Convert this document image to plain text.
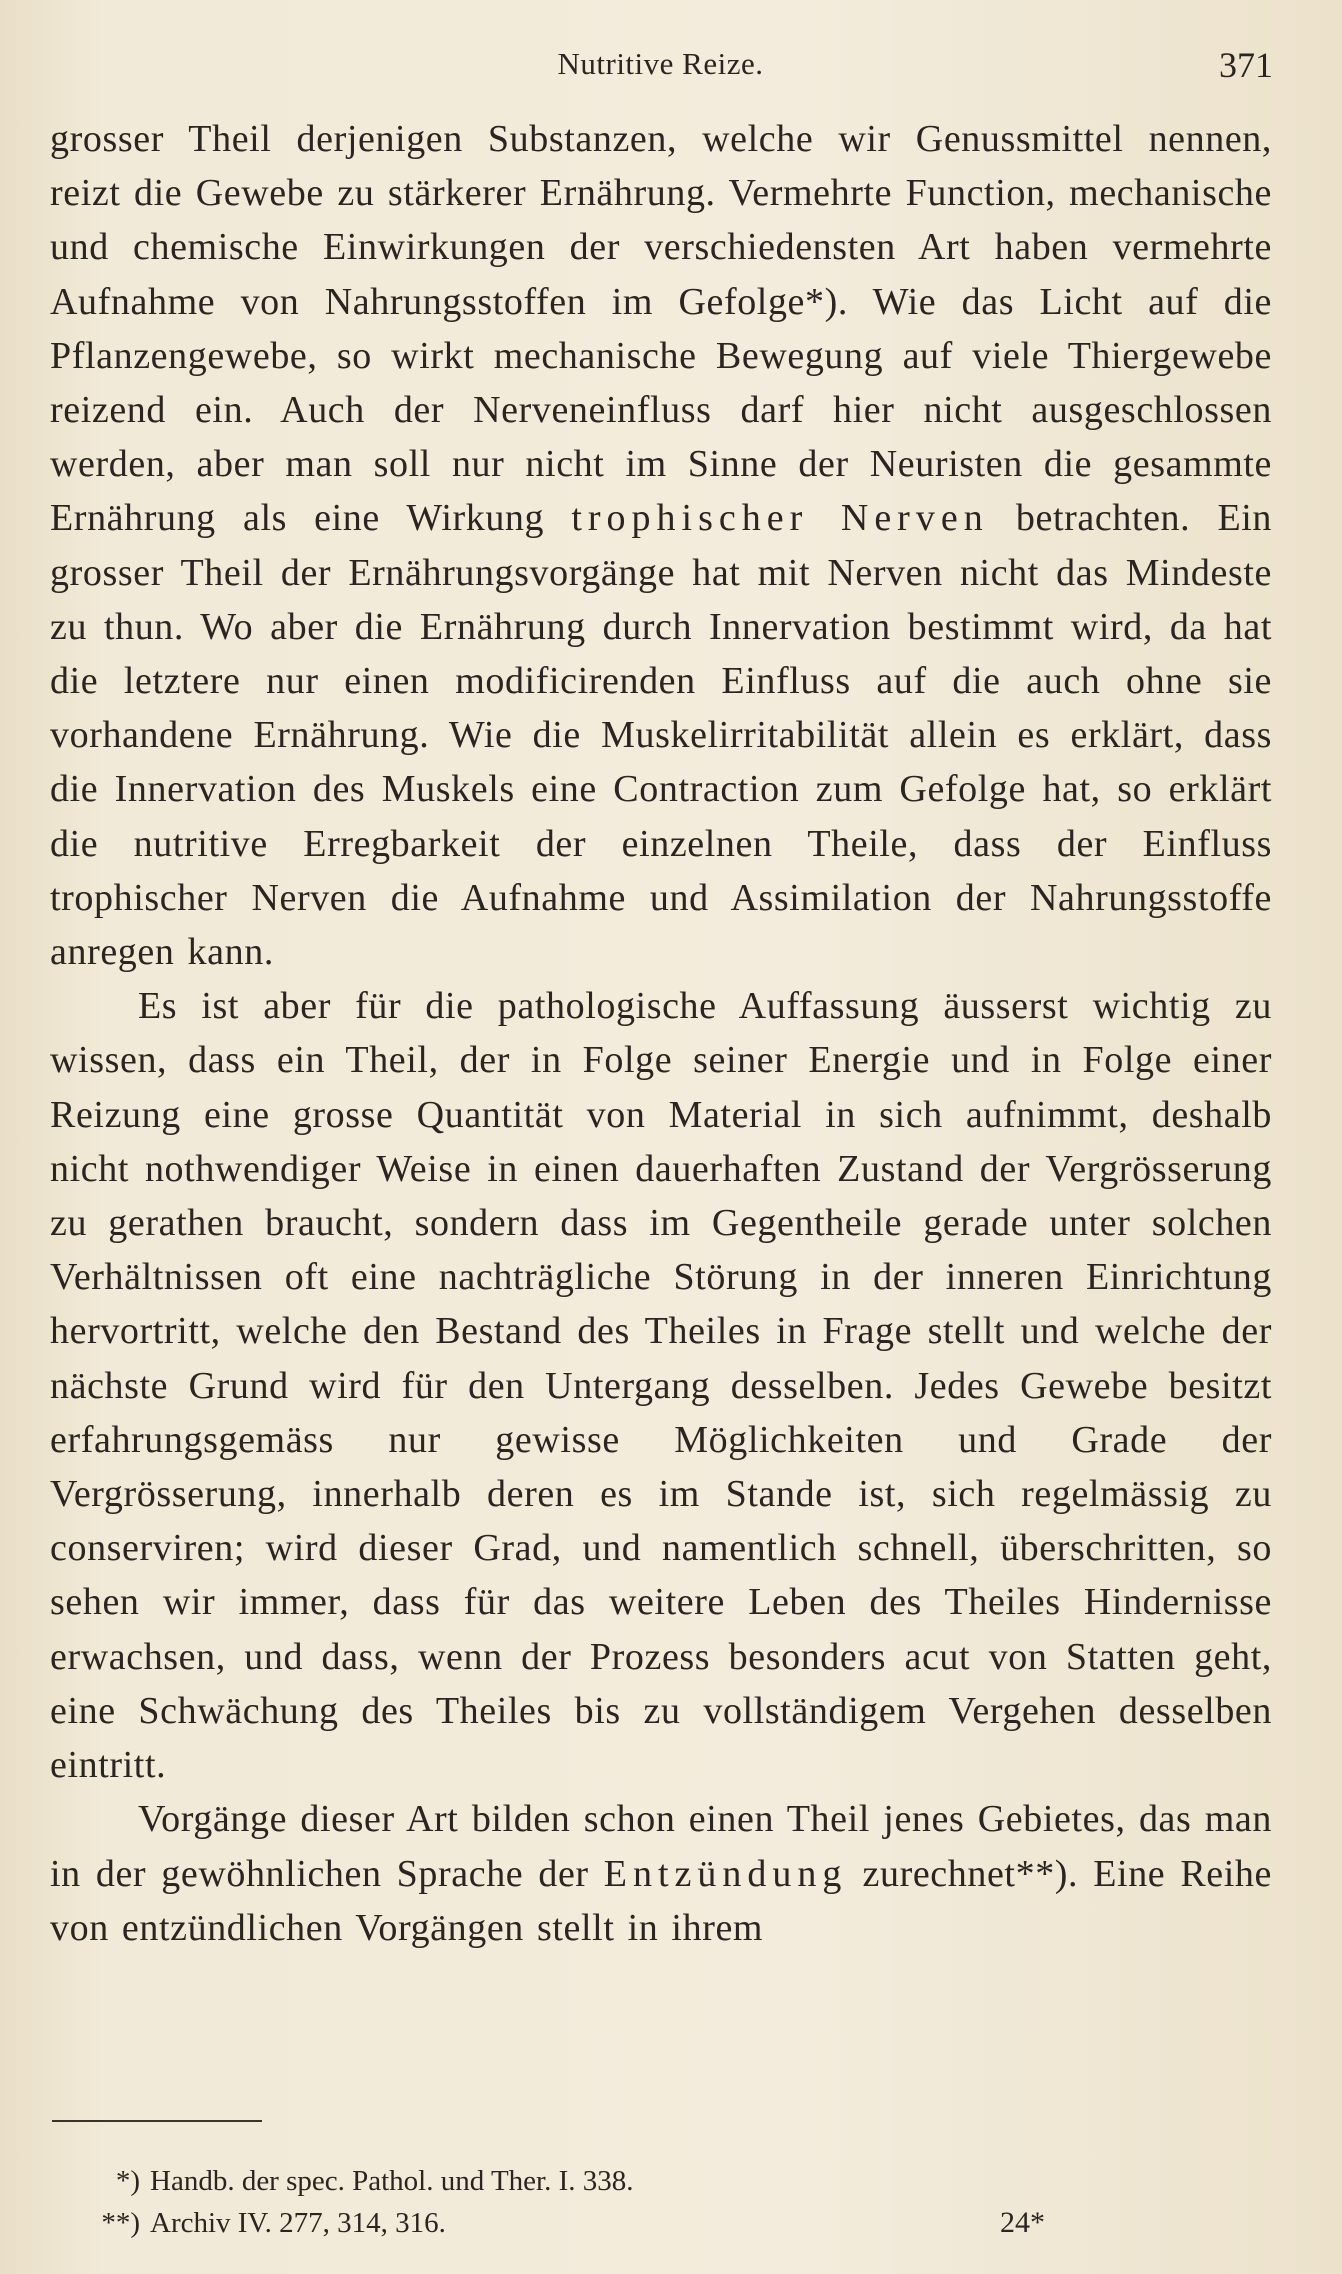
Nutritive Reize.	371

grosser Theil derjenigen Substanzen, welche wir Genussmittel nennen, reizt die Gewebe zu stärkerer Ernährung. Vermehrte Function, mechanische und chemische Einwirkungen der verschiedensten Art haben vermehrte Aufnahme von Nahrungsstoffen im Gefolge*). Wie das Licht auf die Pflanzengewebe, so wirkt mechanische Bewegung auf viele Thiergewebe reizend ein. Auch der Nerveneinfluss darf hier nicht ausgeschlossen werden, aber man soll nur nicht im Sinne der Neuristen die gesammte Ernährung als eine Wirkung trophischer Nerven betrachten. Ein grosser Theil der Ernährungsvorgänge hat mit Nerven nicht das Mindeste zu thun. Wo aber die Ernährung durch Innervation bestimmt wird, da hat die letztere nur einen modificirenden Einfluss auf die auch ohne sie vorhandene Ernährung. Wie die Muskelirritabilität allein es erklärt, dass die Innervation des Muskels eine Contraction zum Gefolge hat, so erklärt die nutritive Erregbarkeit der einzelnen Theile, dass der Einfluss trophischer Nerven die Aufnahme und Assimilation der Nahrungsstoffe anregen kann.

Es ist aber für die pathologische Auffassung äusserst wichtig zu wissen, dass ein Theil, der in Folge seiner Energie und in Folge einer Reizung eine grosse Quantität von Material in sich aufnimmt, deshalb nicht nothwendiger Weise in einen dauerhaften Zustand der Vergrösserung zu gerathen braucht, sondern dass im Gegentheile gerade unter solchen Verhältnissen oft eine nachträgliche Störung in der inneren Einrichtung hervortritt, welche den Bestand des Theiles in Frage stellt und welche der nächste Grund wird für den Untergang desselben. Jedes Gewebe besitzt erfahrungsgemäss nur gewisse Möglichkeiten und Grade der Vergrösserung, innerhalb deren es im Stande ist, sich regelmässig zu conserviren; wird dieser Grad, und namentlich schnell, überschritten, so sehen wir immer, dass für das weitere Leben des Theiles Hindernisse erwachsen, und dass, wenn der Prozess besonders acut von Statten geht, eine Schwächung des Theiles bis zu vollständigem Vergehen desselben eintritt.

Vorgänge dieser Art bilden schon einen Theil jenes Gebietes, das man in der gewöhnlichen Sprache der Entzündung zurechnet**). Eine Reihe von entzündlichen Vorgängen stellt in ihrem

*) Handb. der spec. Pathol. und Ther. I. 338.
**) Archiv IV. 277, 314, 316.	24*
